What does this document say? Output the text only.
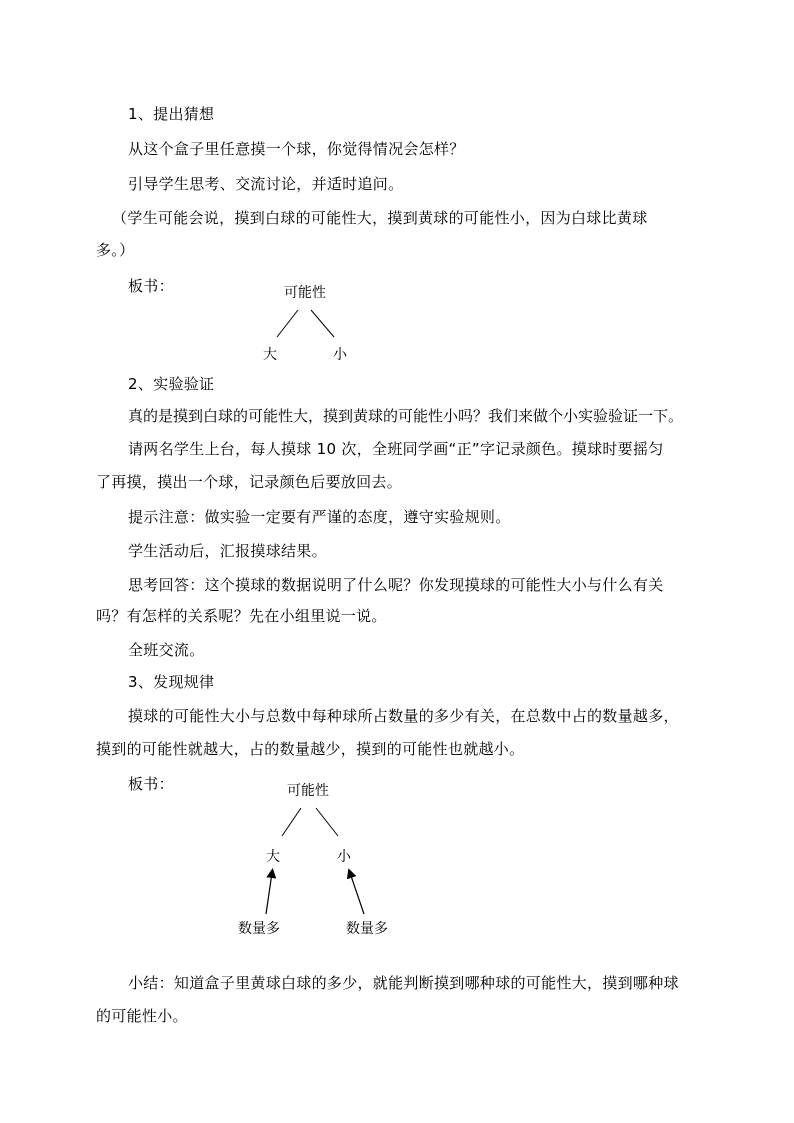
1、提出猜想
从这个盒子里任意摸一个球，你觉得情况会怎样？
引导学生思考、交流讨论，并适时追问。
（学生可能会说，摸到白球的可能性大，摸到黄球的可能性小，因为白球比黄球
多。）
板书：	可能性
大	小
2、实验验证
真的是摸到白球的可能性大，摸到黄球的可能性小吗？我们来做个小实验验证一下。
请两名学生上台，每人摸球 10 次，全班同学画“正”字记录颜色。摸球时要摇匀
了再摸，摸出一个球，记录颜色后要放回去。
提示注意：做实验一定要有严谨的态度，遵守实验规则。
学生活动后，汇报摸球结果。
思考回答：这个摸球的数据说明了什么呢？你发现摸球的可能性大小与什么有关
吗？有怎样的关系呢？先在小组里说一说。
全班交流。
3、发现规律
摸球的可能性大小与总数中每种球所占数量的多少有关，在总数中占的数量越多，
摸到的可能性就越大，占的数量越少，摸到的可能性也就越小。
板书：	可能性
大	小
数量多	数量多
小结：知道盒子里黄球白球的多少，就能判断摸到哪种球的可能性大，摸到哪种球
的可能性小。
